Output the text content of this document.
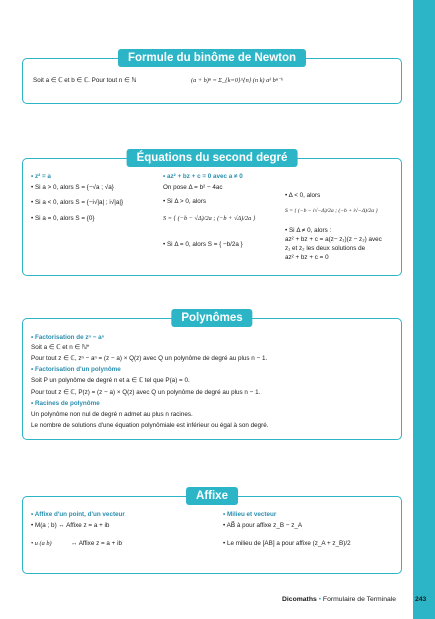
Formule du binôme de Newton
Soit a ∈ ℂ et b ∈ ℂ. Pour tout n ∈ ℕ	(a + b)ⁿ = Σ_{k=0}^{n} (n k) aᵏ bⁿ⁻ᵏ
Équations du second degré
• z² = a
• Si a > 0, alors S = {−√a ; √a}
• Si a < 0, alors S = {−i√|a| ; i√|a|}
• Si a = 0, alors S = {0}
• az² + bz + c = 0 avec a ≠ 0
On pose Δ = b² − 4ac
• Si Δ > 0, alors
S = { (−b − √Δ)/2a ; (−b + √Δ)/2a }
• Si Δ = 0, alors S = { −b/2a }
• Δ < 0, alors
S = { (−b − i√−Δ)/2a ; (−b + i√−Δ)/2a }
• Si Δ ≠ 0, alors :
az² + bz + c = a(z− z₁)(z − z₂) avec
z₁ et z₂ les deux solutions de
az² + bz + c = 0
Polynômes
• Factorisation de zⁿ − aⁿ
Soit a ∈ ℂ et n ∈ ℕ*
Pour tout z ∈ ℂ, zⁿ − aⁿ = (z − a) × Q(z) avec Q un polynôme de degré au plus n − 1.
• Factorisation d'un polynôme
Soit P un polynôme de degré n et a ∈ ℂ tel que P(a) = 0.
Pour tout z ∈ ℂ, P(z) = (z − a) × Q(z) avec Q un polynôme de degré au plus n − 1.
• Racines de polynôme
Un polynôme non nul de degré n admet au plus n racines.
Le nombre de solutions d'une équation polynômiale est inférieur ou égal à son degré.
Affixe
• Affixe d'un point, d'un vecteur
• M(a ; b) ↔ Affixe z = a + ib
• u (a b)	↔ Affixe z = a + ib
• Milieu et vecteur
• AB⃗ à pour affixe z_B − z_A
• Le milieu de [AB] a pour affixe (z_A + z_B)/2
Dicomaths • Formulaire de Terminale	243
